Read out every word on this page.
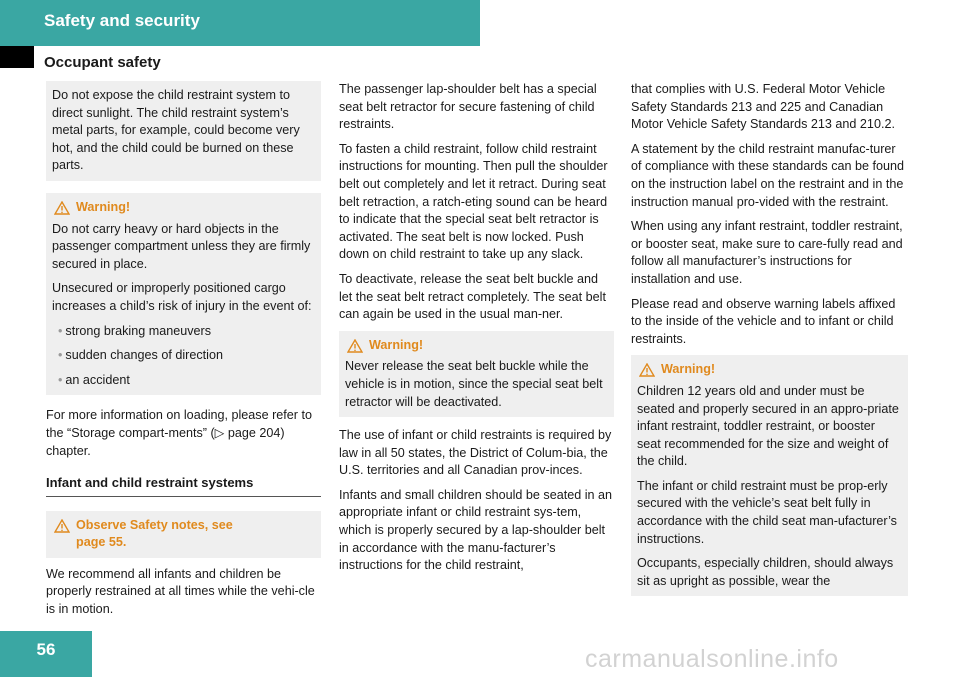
Safety and security
Occupant safety

Do not expose the child restraint system to direct sunlight. The child restraint system’s metal parts, for example, could become very hot, and the child could be burned on these parts.

Warning!

Do not carry heavy or hard objects in the passenger compartment unless they are firmly secured in place.

Unsecured or improperly positioned cargo increases a child’s risk of injury in the event of:

• strong braking maneuvers
• sudden changes of direction
• an accident

For more information on loading, please refer to the “Storage compart-ments” (▷ page 204) chapter.

Infant and child restraint systems
Observe Safety notes, see
page 55.

We recommend all infants and children be properly restrained at all times while the vehi-cle is in motion.

The passenger lap-shoulder belt has a special seat belt retractor for secure fastening of child restraints.

To fasten a child restraint, follow child restraint instructions for mounting. Then pull the shoulder belt out completely and let it retract. During seat belt retraction, a ratch-eting sound can be heard to indicate that the special seat belt retractor is activated. The seat belt is now locked. Push down on child restraint to take up any slack.

To deactivate, release the seat belt buckle and let the seat belt retract completely. The seat belt can again be used in the usual man-ner.

Warning!

Never release the seat belt buckle while the vehicle is in motion, since the special seat belt retractor will be deactivated.

The use of infant or child restraints is required by law in all 50 states, the District of Colum-bia, the U.S. territories and all Canadian prov-inces.

Infants and small children should be seated in an appropriate infant or child restraint sys-tem, which is properly secured by a lap-shoulder belt in accordance with the manu-facturer’s instructions for the child restraint,

that complies with U.S. Federal Motor Vehicle Safety Standards 213 and 225 and Canadian Motor Vehicle Safety Standards 213 and 210.2.

A statement by the child restraint manufac-turer of compliance with these standards can be found on the instruction label on the restraint and in the instruction manual pro-vided with the restraint.

When using any infant restraint, toddler restraint, or booster seat, make sure to care-fully read and follow all manufacturer’s instructions for installation and use.

Please read and observe warning labels affixed to the inside of the vehicle and to infant or child restraints.

Warning!

Children 12 years old and under must be seated and properly secured in an appro-priate infant restraint, toddler restraint, or booster seat recommended for the size and weight of the child.

The infant or child restraint must be prop-erly secured with the vehicle’s seat belt fully in accordance with the child seat man-ufacturer’s instructions.

Occupants, especially children, should always sit as upright as possible, wear the

56	carmanualsonline.info
